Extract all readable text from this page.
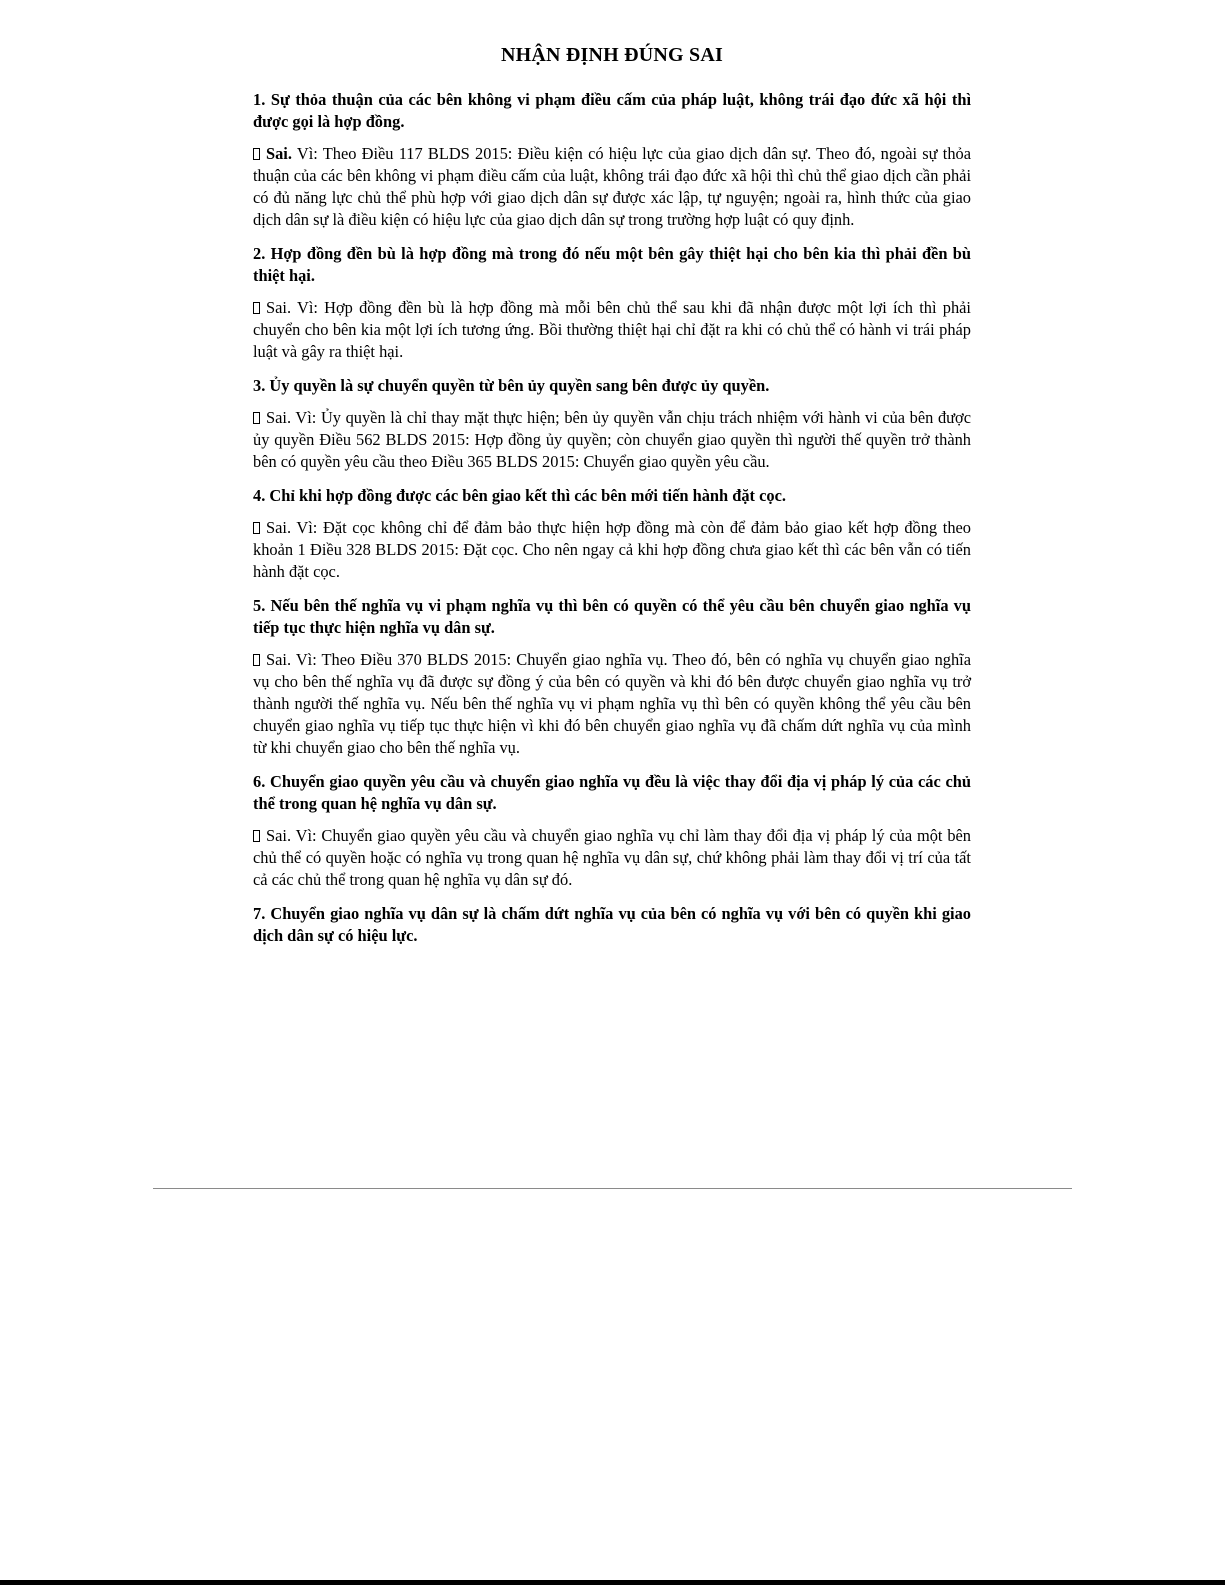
NHẬN ĐỊNH ĐÚNG SAI

1. Sự thỏa thuận của các bên không vi phạm điều cấm của pháp luật, không trái đạo đức xã hội thì được gọi là hợp đồng.

Sai. Vì: Theo Điều 117 BLDS 2015: Điều kiện có hiệu lực của giao dịch dân sự. Theo đó, ngoài sự thỏa thuận của các bên không vi phạm điều cấm của luật, không trái đạo đức xã hội thì chủ thể giao dịch cần phải có đủ năng lực chủ thể phù hợp với giao dịch dân sự được xác lập, tự nguyện; ngoài ra, hình thức của giao dịch dân sự là điều kiện có hiệu lực của giao dịch dân sự trong trường hợp luật có quy định.

2. Hợp đồng đền bù là hợp đồng mà trong đó nếu một bên gây thiệt hại cho bên kia thì phải đền bù thiệt hại.

Sai. Vì: Hợp đồng đền bù là hợp đồng mà mỗi bên chủ thể sau khi đã nhận được một lợi ích thì phải chuyển cho bên kia một lợi ích tương ứng. Bồi thường thiệt hại chỉ đặt ra khi có chủ thể có hành vi trái pháp luật và gây ra thiệt hại.

3. Ủy quyền là sự chuyển quyền từ bên ủy quyền sang bên được ủy quyền.

Sai. Vì: Ủy quyền là chỉ thay mặt thực hiện; bên ủy quyền vẫn chịu trách nhiệm với hành vi của bên được ủy quyền Điều 562 BLDS 2015: Hợp đồng ủy quyền; còn chuyển giao quyền thì người thế quyền trở thành bên có quyền yêu cầu theo Điều 365 BLDS 2015: Chuyển giao quyền yêu cầu.

4. Chỉ khi hợp đồng được các bên giao kết thì các bên mới tiến hành đặt cọc.

Sai. Vì: Đặt cọc không chỉ để đảm bảo thực hiện hợp đồng mà còn để đảm bảo giao kết hợp đồng theo khoản 1 Điều 328 BLDS 2015: Đặt cọc. Cho nên ngay cả khi hợp đồng chưa giao kết thì các bên vẫn có tiến hành đặt cọc.

5. Nếu bên thế nghĩa vụ vi phạm nghĩa vụ thì bên có quyền có thể yêu cầu bên chuyển giao nghĩa vụ tiếp tục thực hiện nghĩa vụ dân sự.

Sai. Vì: Theo Điều 370 BLDS 2015: Chuyển giao nghĩa vụ. Theo đó, bên có nghĩa vụ chuyển giao nghĩa vụ cho bên thế nghĩa vụ đã được sự đồng ý của bên có quyền và khi đó bên được chuyển giao nghĩa vụ trở thành người thế nghĩa vụ. Nếu bên thế nghĩa vụ vi phạm nghĩa vụ thì bên có quyền không thể yêu cầu bên chuyển giao nghĩa vụ tiếp tục thực hiện vì khi đó bên chuyển giao nghĩa vụ đã chấm dứt nghĩa vụ của mình từ khi chuyển giao cho bên thế nghĩa vụ.

6. Chuyển giao quyền yêu cầu và chuyển giao nghĩa vụ đều là việc thay đổi địa vị pháp lý của các chủ thể trong quan hệ nghĩa vụ dân sự.

Sai. Vì: Chuyển giao quyền yêu cầu và chuyển giao nghĩa vụ chỉ làm thay đổi địa vị pháp lý của một bên chủ thể có quyền hoặc có nghĩa vụ trong quan hệ nghĩa vụ dân sự, chứ không phải làm thay đổi vị trí của tất cả các chủ thể trong quan hệ nghĩa vụ dân sự đó.

7. Chuyển giao nghĩa vụ dân sự là chấm dứt nghĩa vụ của bên có nghĩa vụ với bên có quyền khi giao dịch dân sự có hiệu lực.
